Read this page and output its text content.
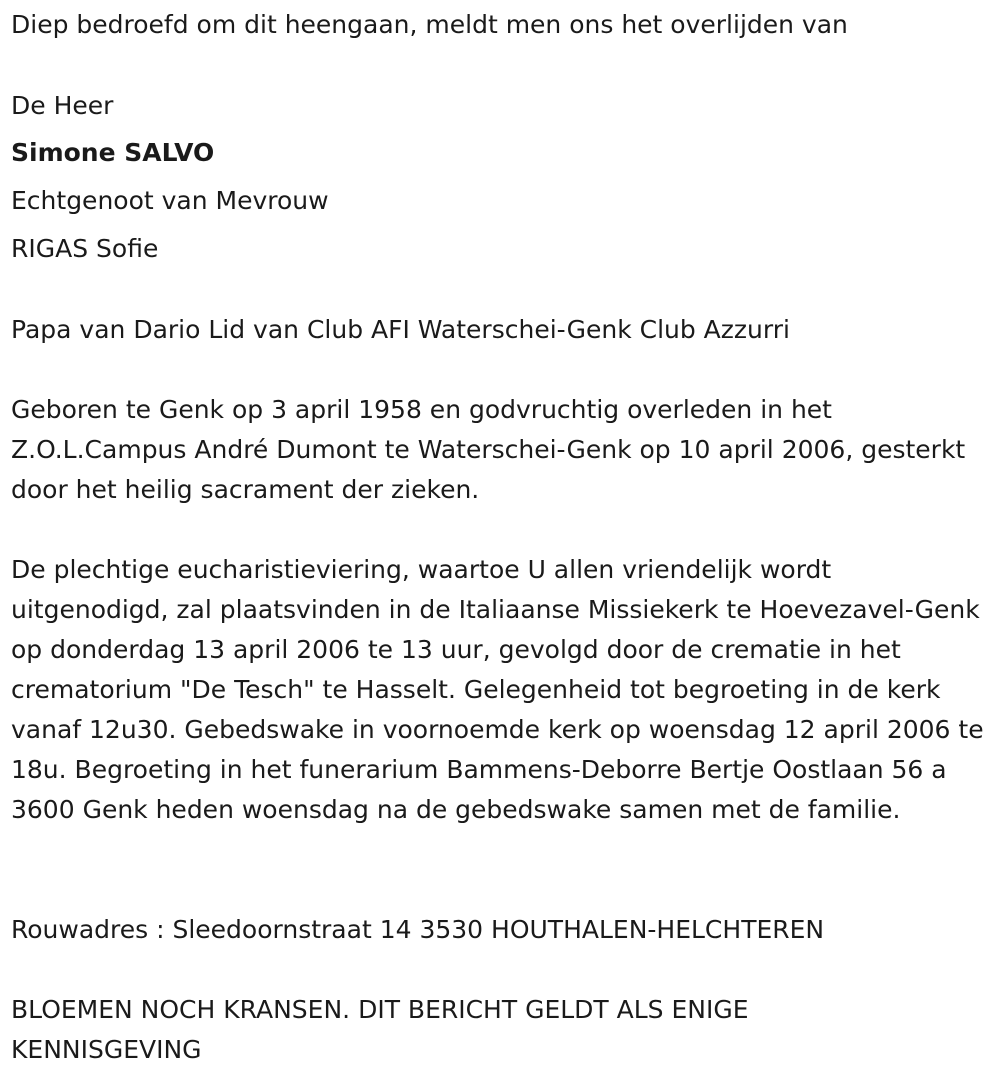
Diep bedroefd om dit heengaan, meldt men ons het overlijden van
De Heer
Simone SALVO
Echtgenoot van Mevrouw
RIGAS Sofie
Papa van Dario Lid van Club AFI Waterschei-Genk Club Azzurri
Geboren te Genk op 3 april 1958 en godvruchtig overleden in het Z.O.L.Campus André Dumont te Waterschei-Genk op 10 april 2006, gesterkt door het heilig sacrament der zieken.
De plechtige eucharistieviering, waartoe U allen vriendelijk wordt uitgenodigd, zal plaatsvinden in de Italiaanse Missiekerk te Hoevezavel-Genk op donderdag 13 april 2006 te 13 uur, gevolgd door de crematie in het crematorium "De Tesch" te Hasselt. Gelegenheid tot begroeting in de kerk vanaf 12u30. Gebedswake in voornoemde kerk op woensdag 12 april 2006 te 18u. Begroeting in het funerarium Bammens-Deborre Bertje Oostlaan 56 a 3600 Genk heden woensdag na de gebedswake samen met de familie.
Rouwadres : Sleedoornstraat 14 3530 HOUTHALEN-HELCHTEREN
BLOEMEN NOCH KRANSEN. DIT BERICHT GELDT ALS ENIGE KENNISGEVING
